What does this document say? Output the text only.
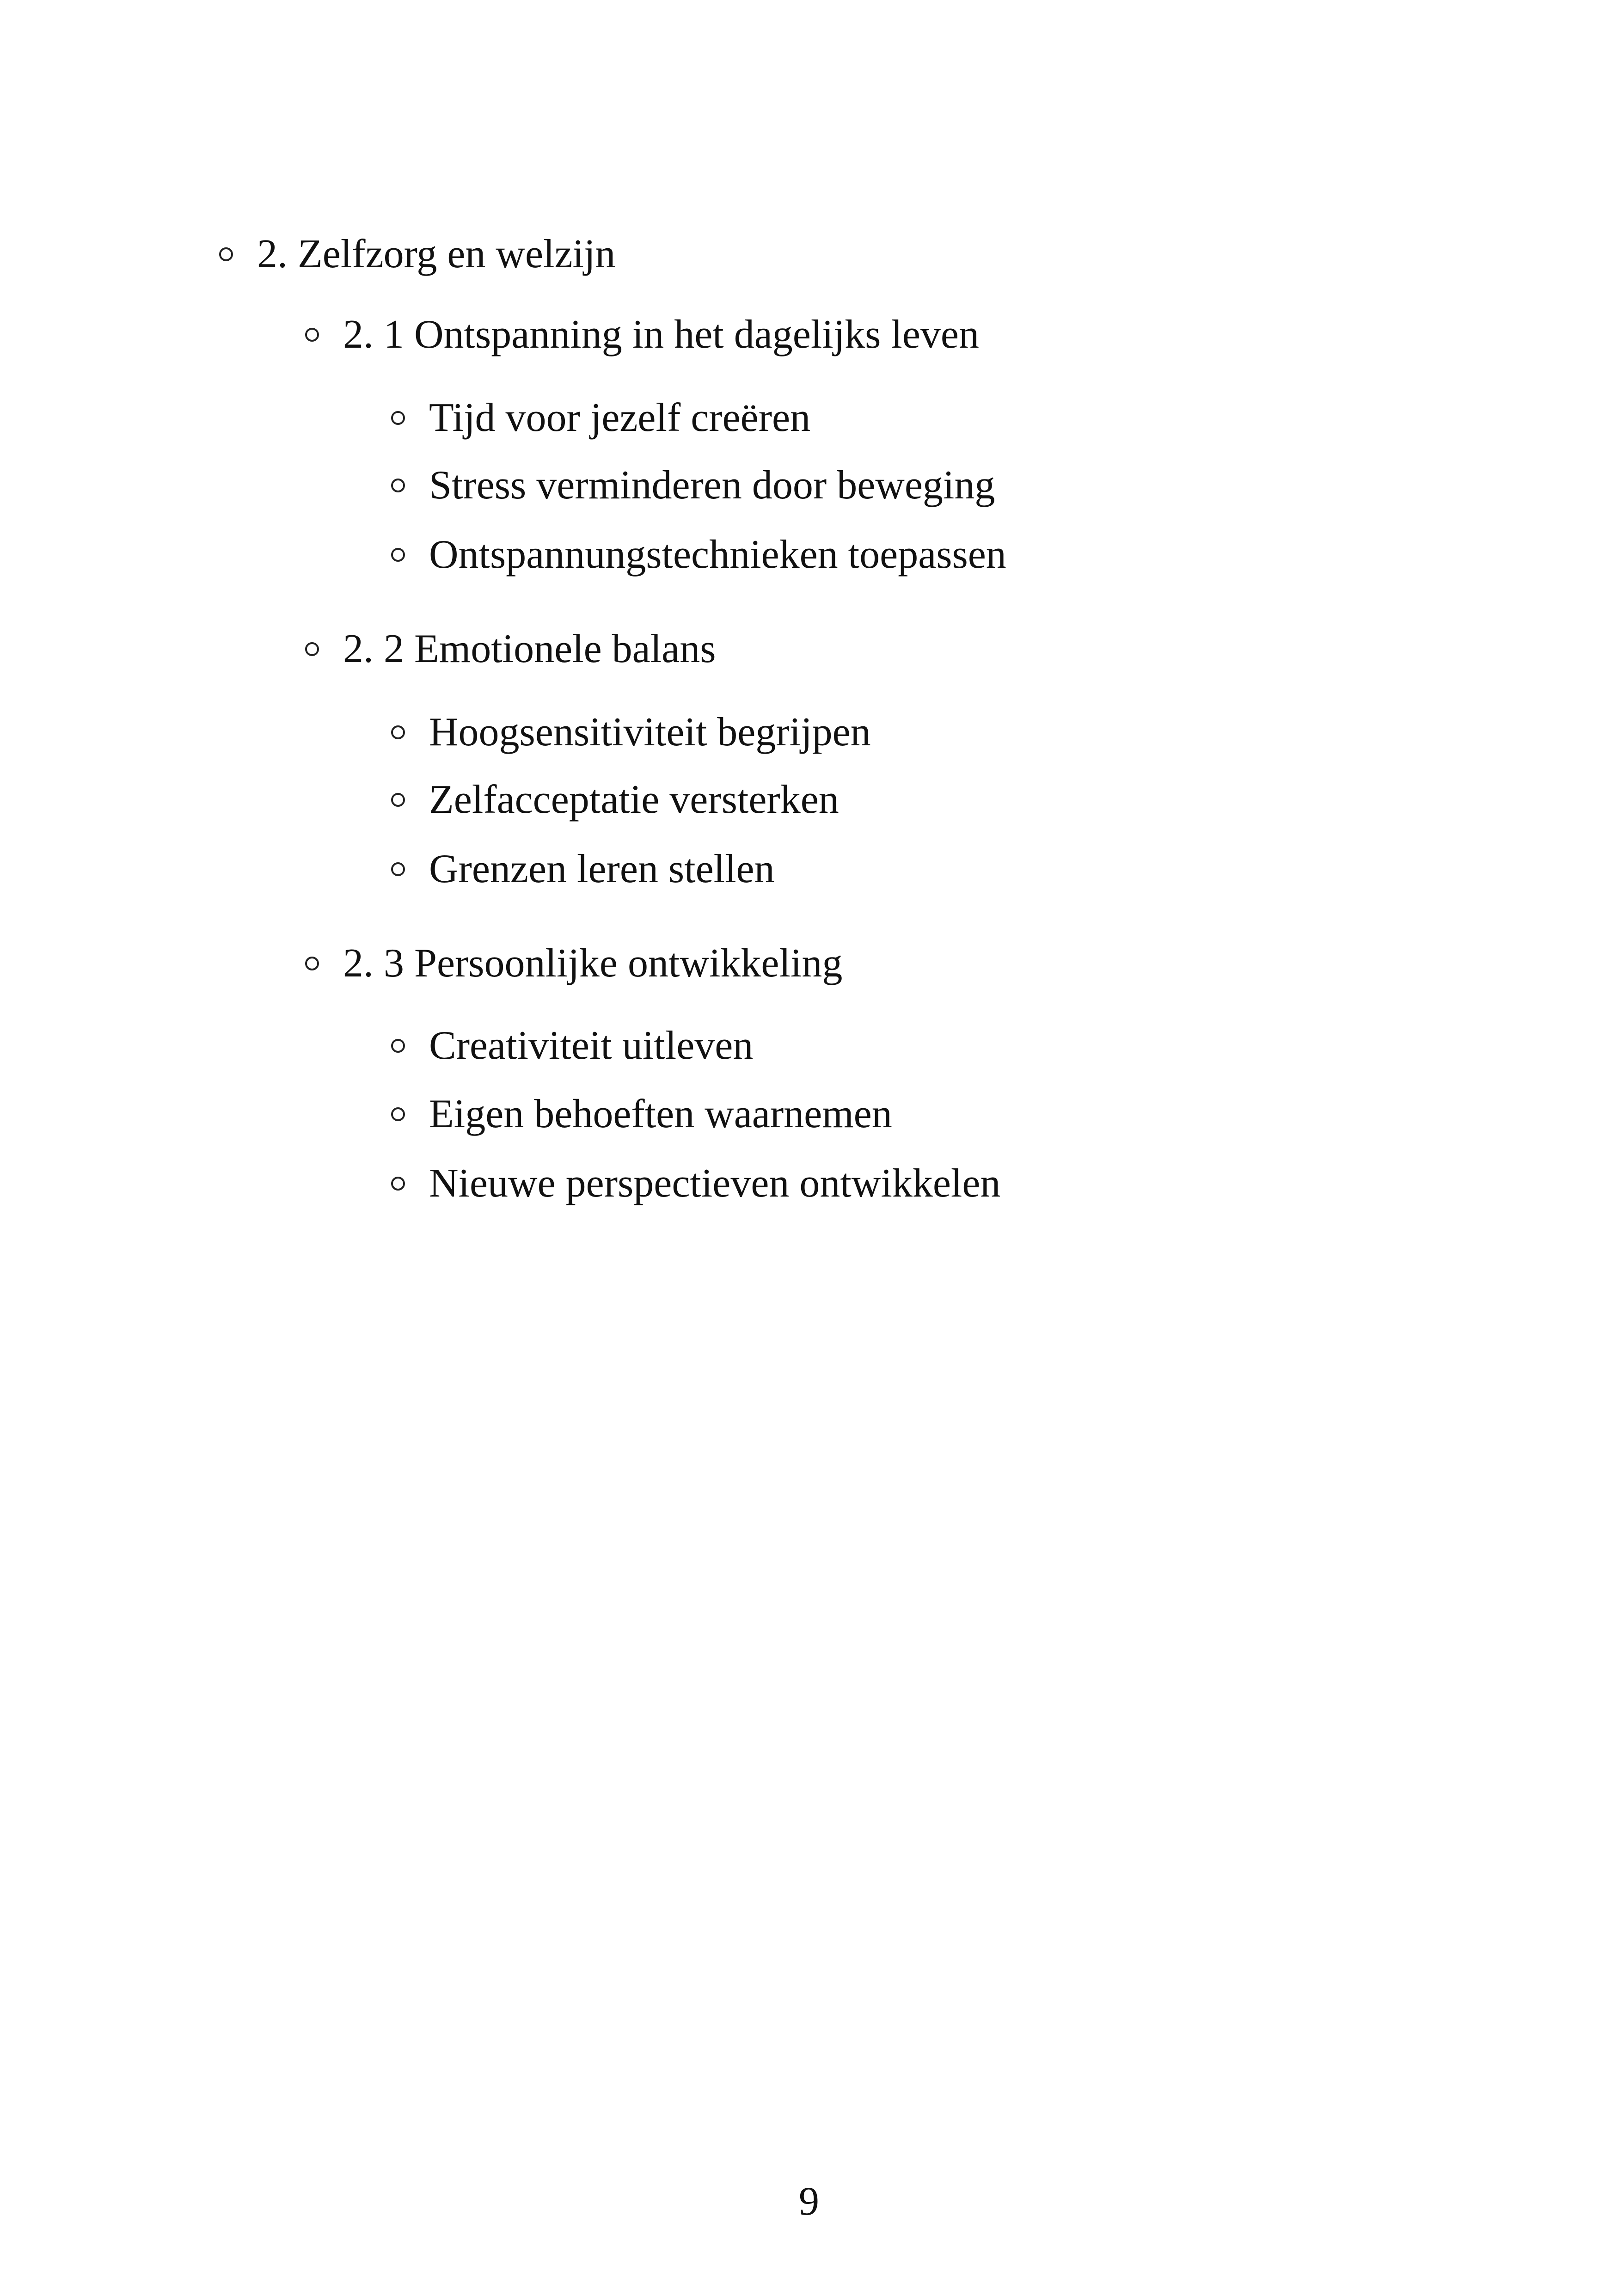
2. Zelfzorg en welzijn
2. 1 Ontspanning in het dagelijks leven
Tijd voor jezelf creëren
Stress verminderen door beweging
Ontspannungstechnieken toepassen
2. 2 Emotionele balans
Hoogsensitiviteit begrijpen
Zelfacceptatie versterken
Grenzen leren stellen
2. 3 Persoonlijke ontwikkeling
Creativiteit uitleven
Eigen behoeften waarnemen
Nieuwe perspectieven ontwikkelen
9
